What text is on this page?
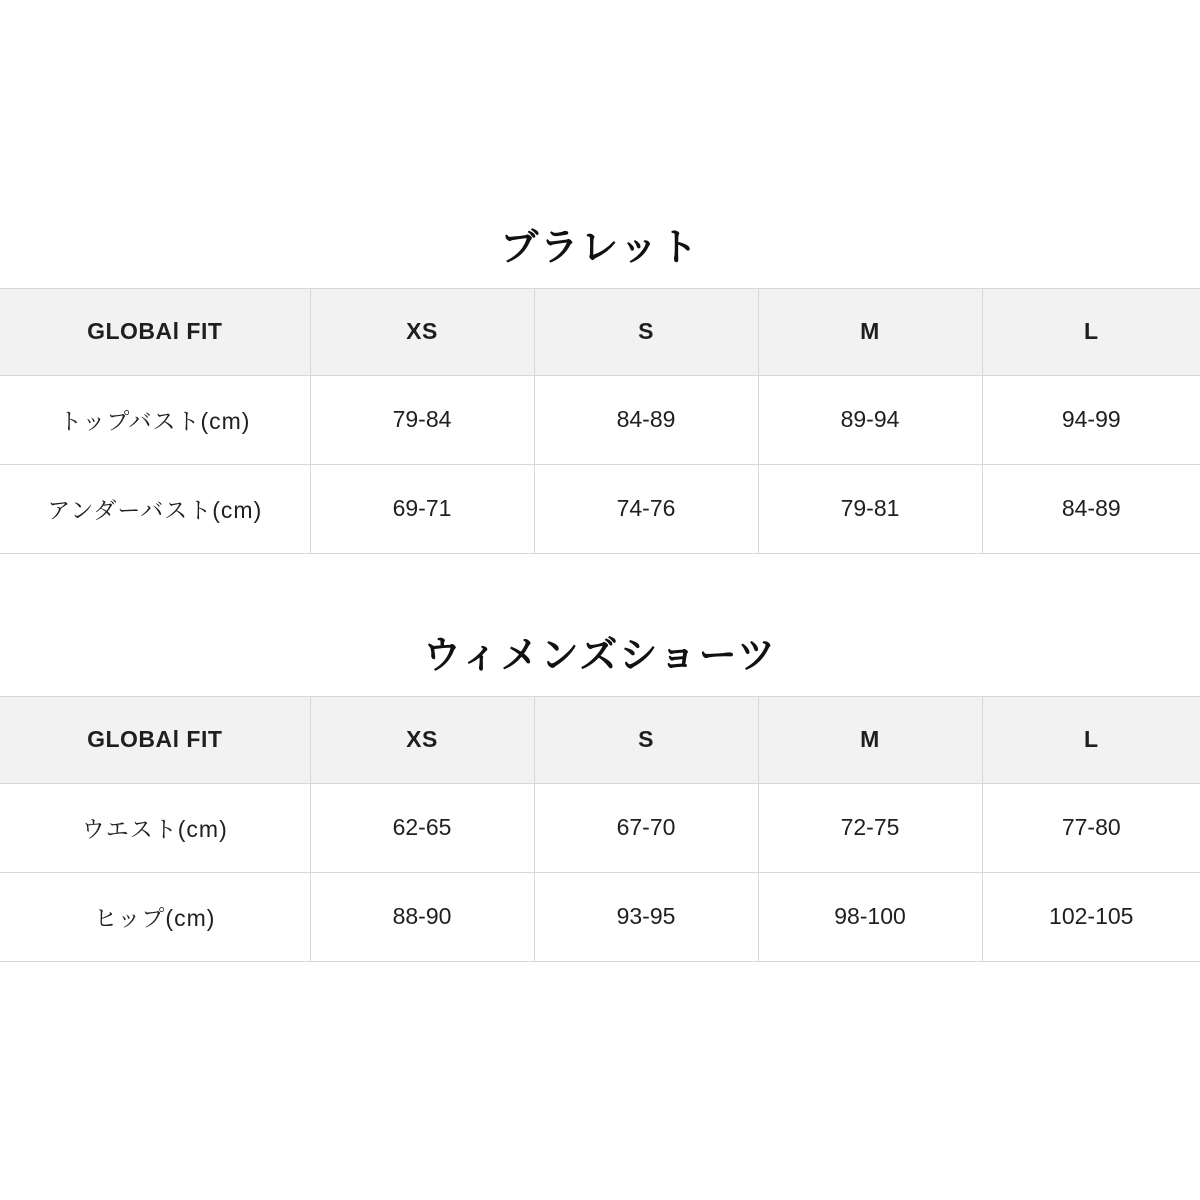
ブラレット
GLOBAl FIT	XS	S	M	L
トップバスト(cm)	79-84	84-89	89-94	94-99
アンダーバスト(cm)	69-71	74-76	79-81	84-89
ウィメンズショーツ
GLOBAl FIT	XS	S	M	L
ウエスト(cm)	62-65	67-70	72-75	77-80
ヒップ(cm)	88-90	93-95	98-100	102-105
